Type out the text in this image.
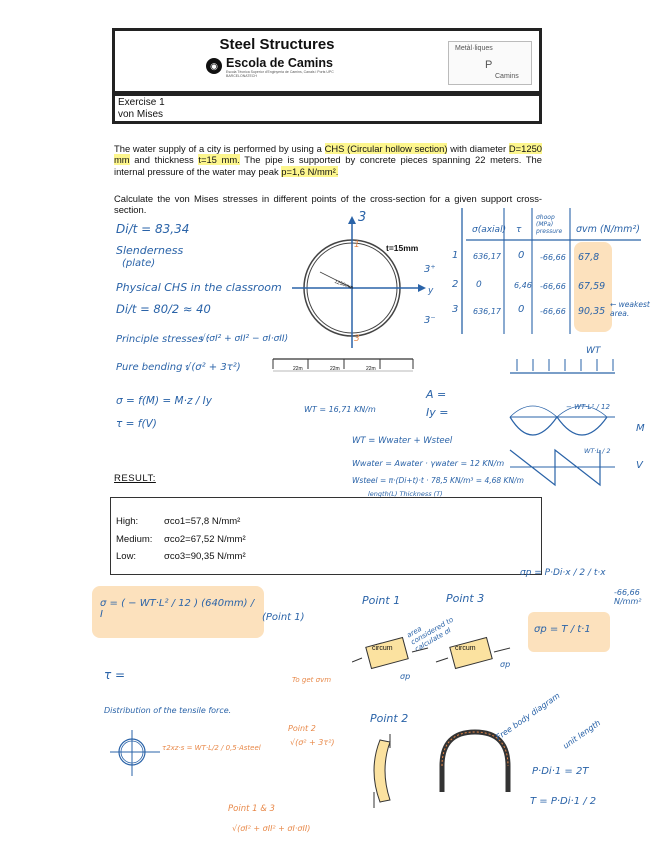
Steel Structures
◉ Escola de Camins
Escola Tècnica Superior d'Enginyeria de Camins, Canals i Ports UPC BARCELONATECH
Metàl·liques
P
Camins
Exercise 1
von Mises
The water supply of a city is performed by using a CHS (Circular hollow section) with diameter D=1250 mm and thickness t=15 mm. The pipe is supported by concrete pieces spanning 22 meters. The internal pressure of the water may peak p=1,6 N/mm².
Calculate the von Mises stresses in different points of the cross-section for a given support cross-section.
Di/t = 83,34
Slenderness
(plate)
Physical CHS in the classroom
Di/t = 80/2 ≈ 40
Principle stresses :
√(σI² + σII² − σI·σII)
Pure bending :
√(σ² + 3τ²)
σ = f(M) = M·z / Iy
τ = f(V)
t=15mm
1250mm
3
y
3⁺
3⁻
1
3
22m	22m	22m
A =
Iy =
WT = 16,71 KN/m
WT = Wwater + Wsteel
Wwater = Awater · γwater = 12 KN/m
Wsteel = π·(Di+t)·t · 78,5 KN/m³ = 4,68 KN/m
length(L) Thickness (T)
σ(axial) τ
σhoop (MPa) pressure	σvm (N/mm²)
1 636,17 0 -66,66 67,8
2 0	6,46 -66,66 67,59
3 636,17 0 -66,66 90,35
← weakest area.
WT
− WT·L² / 12
WT·L / 2
M
V
RESULT:
High:	σco1=57,8 N/mm²
Medium: σco2=67,52 N/mm²
Low:	σco3=90,35 N/mm²
σ = ( − WT·L² / 12 ) (640mm) / I	(Point 1)
τ =	To get σvm
Distribution of the tensile force.
τ2xz·s = WT·L/2 / 0,5·Asteel
Point 2
√(σ² + 3τ²)
Point 1 & 3
√(σI² + σII² + σI·σII)
Point 1	Point 3
area considered to calculate σI
circum	circum
σp
σp
Point 2	Free body diagram unit length
σp = P·Di·x / 2 / t·x
-66,66 N/mm²
σp = T / t·1
P·Di·1 = 2T
T = P·Di·1 / 2
